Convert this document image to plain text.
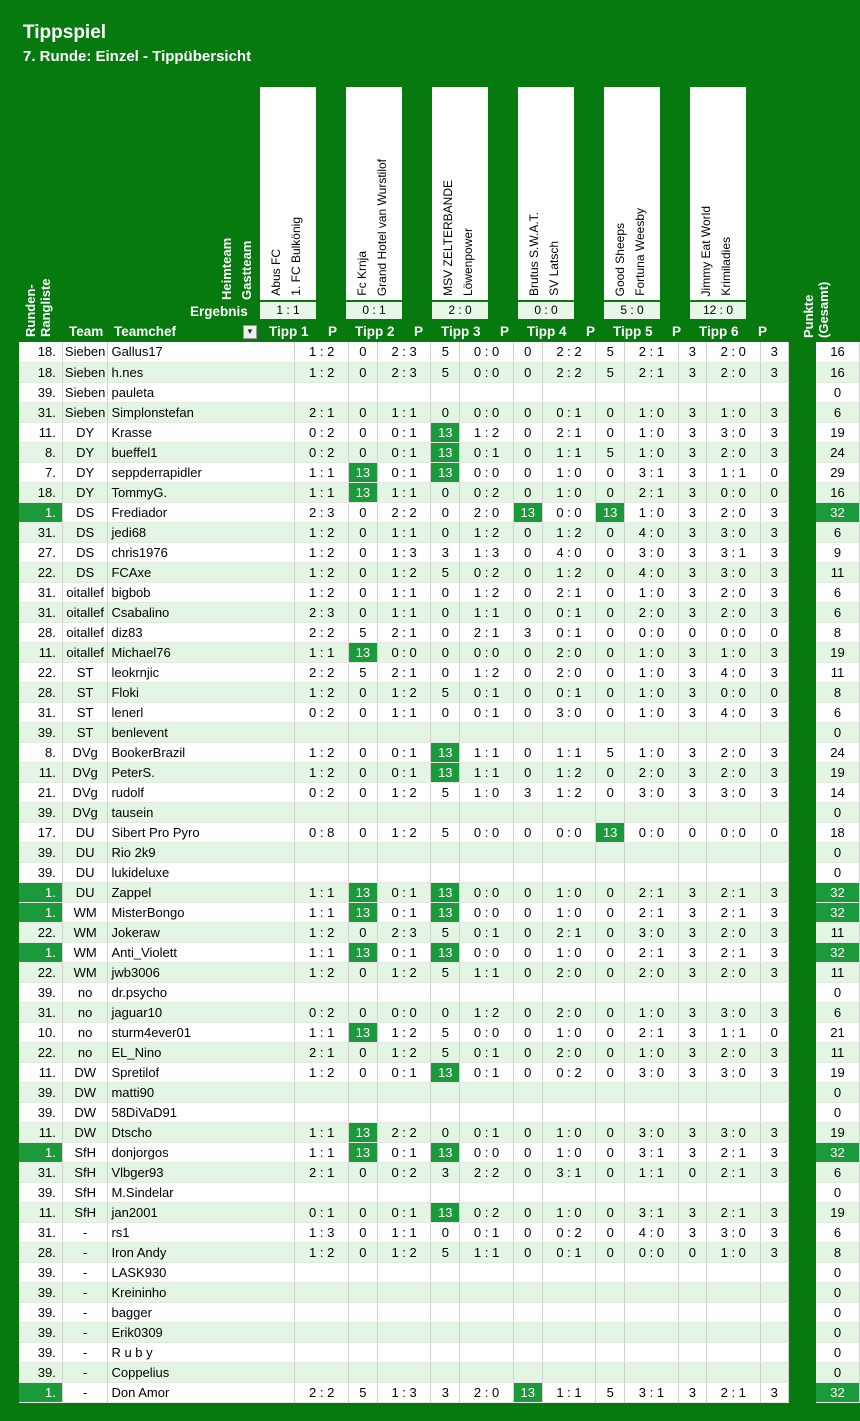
Tippspiel
7. Runde: Einzel - Tippübersicht
Runden-
Rangliste
Heimteam Gastteam
Ergebnis
Abus FC 1. FC Bulkönig
1 : 1
Tipp 1 P
Fc Krnja Grand Hotel van Wurstilof
0 : 1
Tipp 2 P
MSV ZELTERBANDE Löwenpower
2 : 0
Tipp 3 P
Brutus S.W.A.T. SV Latsch
0 : 0
Tipp 4 P
Good Sheeps Fortuna Weesby
5 : 0
Tipp 5 P
Jimmy Eat World Krimiladies
12 : 0
Tipp 6 P
Team Teamchef	▼	Punkte
(Gesamt)
18.	Sieben	Gallus17	1 : 2	0	2 : 3	5	0 : 0	0	2 : 2	5	2 : 1	3	2 : 0	3		16
18.	Sieben	h.nes	1 : 2	0	2 : 3	5	0 : 0	0	2 : 2	5	2 : 1	3	2 : 0	3		16
39.	Sieben	pauleta														0
31.	Sieben	Simplonstefan	2 : 1	0	1 : 1	0	0 : 0	0	0 : 1	0	1 : 0	3	1 : 0	3		6
11.	DY	Krasse	0 : 2	0	0 : 1	13	1 : 2	0	2 : 1	0	1 : 0	3	3 : 0	3		19
8.	DY	bueffel1	0 : 2	0	0 : 1	13	0 : 1	0	1 : 1	5	1 : 0	3	2 : 0	3		24
7.	DY	seppderrapidler	1 : 1	13	0 : 1	13	0 : 0	0	1 : 0	0	3 : 1	3	1 : 1	0		29
18.	DY	TommyG.	1 : 1	13	1 : 1	0	0 : 2	0	1 : 0	0	2 : 1	3	0 : 0	0		16
1.	DS	Frediador	2 : 3	0	2 : 2	0	2 : 0	13	0 : 0	13	1 : 0	3	2 : 0	3		32
31.	DS	jedi68	1 : 2	0	1 : 1	0	1 : 2	0	1 : 2	0	4 : 0	3	3 : 0	3		6
27.	DS	chris1976	1 : 2	0	1 : 3	3	1 : 3	0	4 : 0	0	3 : 0	3	3 : 1	3		9
22.	DS	FCAxe	1 : 2	0	1 : 2	5	0 : 2	0	1 : 2	0	4 : 0	3	3 : 0	3		11
31.	oitallef	bigbob	1 : 2	0	1 : 1	0	1 : 2	0	2 : 1	0	1 : 0	3	2 : 0	3		6
31.	oitallef	Csabalino	2 : 3	0	1 : 1	0	1 : 1	0	0 : 1	0	2 : 0	3	2 : 0	3		6
28.	oitallef	diz83	2 : 2	5	2 : 1	0	2 : 1	3	0 : 1	0	0 : 0	0	0 : 0	0		8
11.	oitallef	Michael76	1 : 1	13	0 : 0	0	0 : 0	0	2 : 0	0	1 : 0	3	1 : 0	3		19
22.	ST	leokrnjic	2 : 2	5	2 : 1	0	1 : 2	0	2 : 0	0	1 : 0	3	4 : 0	3		11
28.	ST	Floki	1 : 2	0	1 : 2	5	0 : 1	0	0 : 1	0	1 : 0	3	0 : 0	0		8
31.	ST	lenerl	0 : 2	0	1 : 1	0	0 : 1	0	3 : 0	0	1 : 0	3	4 : 0	3		6
39.	ST	benlevent														0
8.	DVg	BookerBrazil	1 : 2	0	0 : 1	13	1 : 1	0	1 : 1	5	1 : 0	3	2 : 0	3		24
11.	DVg	PeterS.	1 : 2	0	0 : 1	13	1 : 1	0	1 : 2	0	2 : 0	3	2 : 0	3		19
21.	DVg	rudolf	0 : 2	0	1 : 2	5	1 : 0	3	1 : 2	0	3 : 0	3	3 : 0	3		14
39.	DVg	tausein														0
17.	DU	Sibert Pro Pyro	0 : 8	0	1 : 2	5	0 : 0	0	0 : 0	13	0 : 0	0	0 : 0	0		18
39.	DU	Rio 2k9														0
39.	DU	lukideluxe														0
1.	DU	Zappel	1 : 1	13	0 : 1	13	0 : 0	0	1 : 0	0	2 : 1	3	2 : 1	3		32
1.	WM	MisterBongo	1 : 1	13	0 : 1	13	0 : 0	0	1 : 0	0	2 : 1	3	2 : 1	3		32
22.	WM	Jokeraw	1 : 2	0	2 : 3	5	0 : 1	0	2 : 1	0	3 : 0	3	2 : 0	3		11
1.	WM	Anti_Violett	1 : 1	13	0 : 1	13	0 : 0	0	1 : 0	0	2 : 1	3	2 : 1	3		32
22.	WM	jwb3006	1 : 2	0	1 : 2	5	1 : 1	0	2 : 0	0	2 : 0	3	2 : 0	3		11
39.	no	dr.psycho														0
31.	no	jaguar10	0 : 2	0	0 : 0	0	1 : 2	0	2 : 0	0	1 : 0	3	3 : 0	3		6
10.	no	sturm4ever01	1 : 1	13	1 : 2	5	0 : 0	0	1 : 0	0	2 : 1	3	1 : 1	0		21
22.	no	EL_Nino	2 : 1	0	1 : 2	5	0 : 1	0	2 : 0	0	1 : 0	3	2 : 0	3		11
11.	DW	Spretilof	1 : 2	0	0 : 1	13	0 : 1	0	0 : 2	0	3 : 0	3	3 : 0	3		19
39.	DW	matti90														0
39.	DW	58DiVaD91														0
11.	DW	Dtscho	1 : 1	13	2 : 2	0	0 : 1	0	1 : 0	0	3 : 0	3	3 : 0	3		19
1.	SfH	donjorgos	1 : 1	13	0 : 1	13	0 : 0	0	1 : 0	0	3 : 1	3	2 : 1	3		32
31.	SfH	Vlbger93	2 : 1	0	0 : 2	3	2 : 2	0	3 : 1	0	1 : 1	0	2 : 1	3		6
39.	SfH	M.Sindelar														0
11.	SfH	jan2001	0 : 1	0	0 : 1	13	0 : 2	0	1 : 0	0	3 : 1	3	2 : 1	3		19
31.	-	rs1	1 : 3	0	1 : 1	0	0 : 1	0	0 : 2	0	4 : 0	3	3 : 0	3		6
28.	-	Iron Andy	1 : 2	0	1 : 2	5	1 : 1	0	0 : 1	0	0 : 0	0	1 : 0	3		8
39.	-	LASK930														0
39.	-	Kreininho														0
39.	-	bagger														0
39.	-	Erik0309														0
39.	-	R u b y														0
39.	-	Coppelius														0
1.	-	Don Amor	2 : 2	5	1 : 3	3	2 : 0	13	1 : 1	5	3 : 1	3	2 : 1	3		32
